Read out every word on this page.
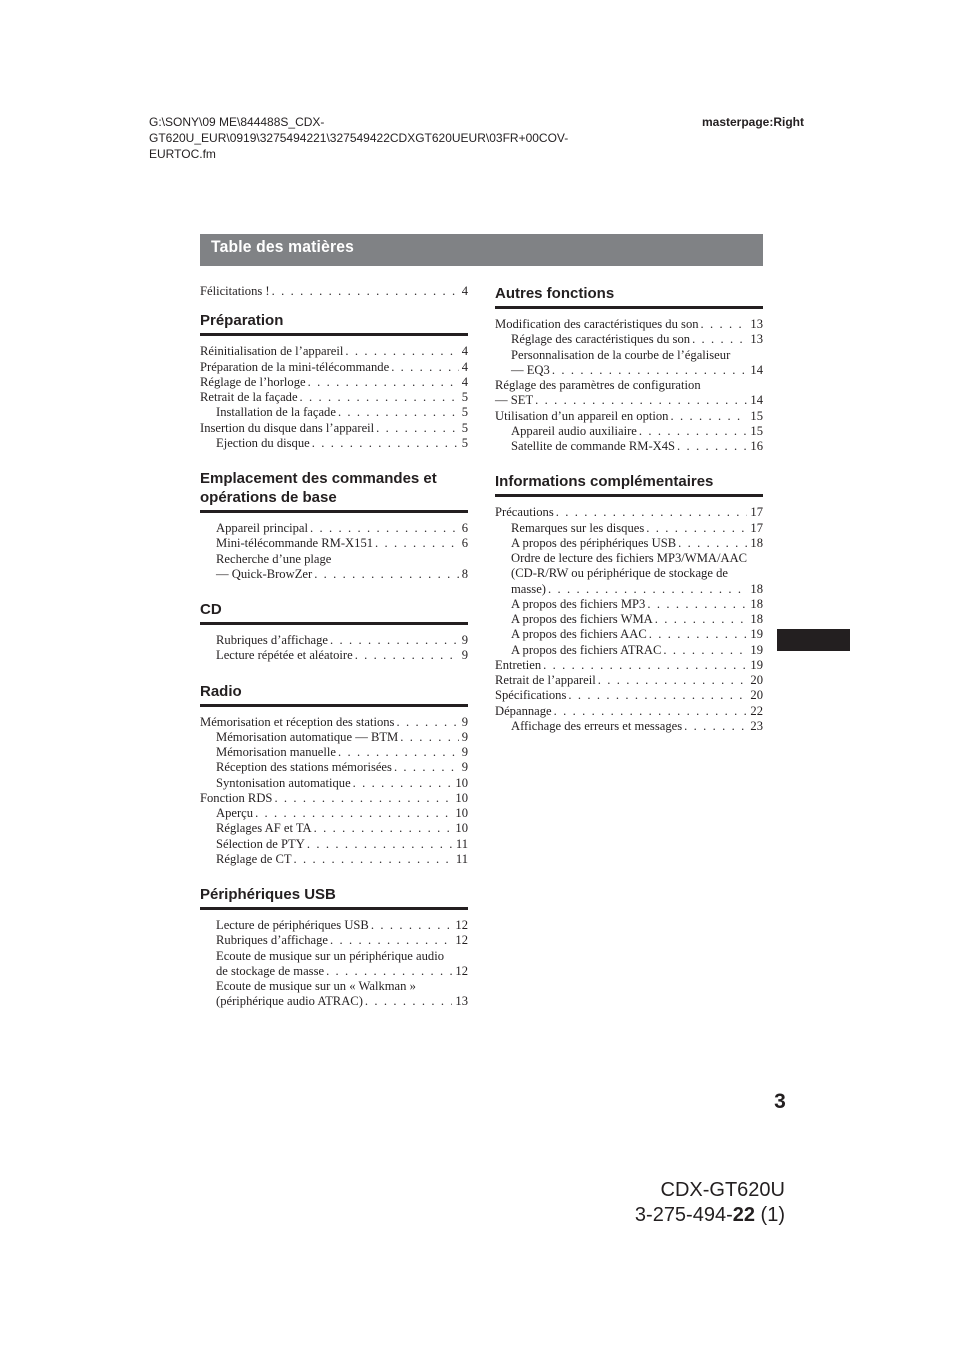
G:\SONY\09 ME\844488S_CDX-GT620U_EUR\0919\3275494221\327549422CDXGT620UEUR\03FR+00COV-EURTOC.fm
masterpage:Right
Table des matières
Félicitations ! . . .	4
Préparation
Réinitialisation de l’appareil . . .	4
Préparation de la mini-télécommande . . .	4
Réglage de l’horloge . . .	4
Retrait de la façade . . .	5
Installation de la façade . . .	5
Insertion du disque dans l’appareil . . .	5
Ejection du disque . . .	5
Emplacement des commandes et opérations de base
Appareil principal . . .	6
Mini-télécommande RM-X151 . . .	6
Recherche d’une plage
— Quick-BrowZer . . .	8
CD
Rubriques d’affichage . . .	9
Lecture répétée et aléatoire . . .	9
Radio
Mémorisation et réception des stations . . .	9
Mémorisation automatique — BTM . . .	9
Mémorisation manuelle . . .	9
Réception des stations mémorisées . . .	9
Syntonisation automatique . . .	10
Fonction RDS . . .	10
Aperçu . . .	10
Réglages AF et TA . . .	10
Sélection de PTY . . .	11
Réglage de CT . . .	11
Périphériques USB
Lecture de périphériques USB . . .	12
Rubriques d’affichage . . .	12
Ecoute de musique sur un périphérique audio
de stockage de masse . . .	12
Ecoute de musique sur un « Walkman »
(périphérique audio ATRAC) . . .	13
Autres fonctions
Modification des caractéristiques du son . . .	13
Réglage des caractéristiques du son . . .	13
Personnalisation de la courbe de l’égaliseur
— EQ3 . . .	14
Réglage des paramètres de configuration
— SET . . .	14
Utilisation d’un appareil en option . . .	15
Appareil audio auxiliaire . . .	15
Satellite de commande RM-X4S . . .	16
Informations complémentaires
Précautions . . .	17
Remarques sur les disques . . .	17
A propos des périphériques USB . . .	18
Ordre de lecture des fichiers MP3/WMA/AAC
(CD-R/RW ou périphérique de stockage de
masse) . . .	18
A propos des fichiers MP3 . . .	18
A propos des fichiers WMA . . .	18
A propos des fichiers AAC . . .	19
A propos des fichiers ATRAC . . .	19
Entretien . . .	19
Retrait de l’appareil . . .	20
Spécifications . . .	20
Dépannage . . .	22
Affichage des erreurs et messages . . .	23
3
CDX-GT620U
3-275-494-22 (1)
